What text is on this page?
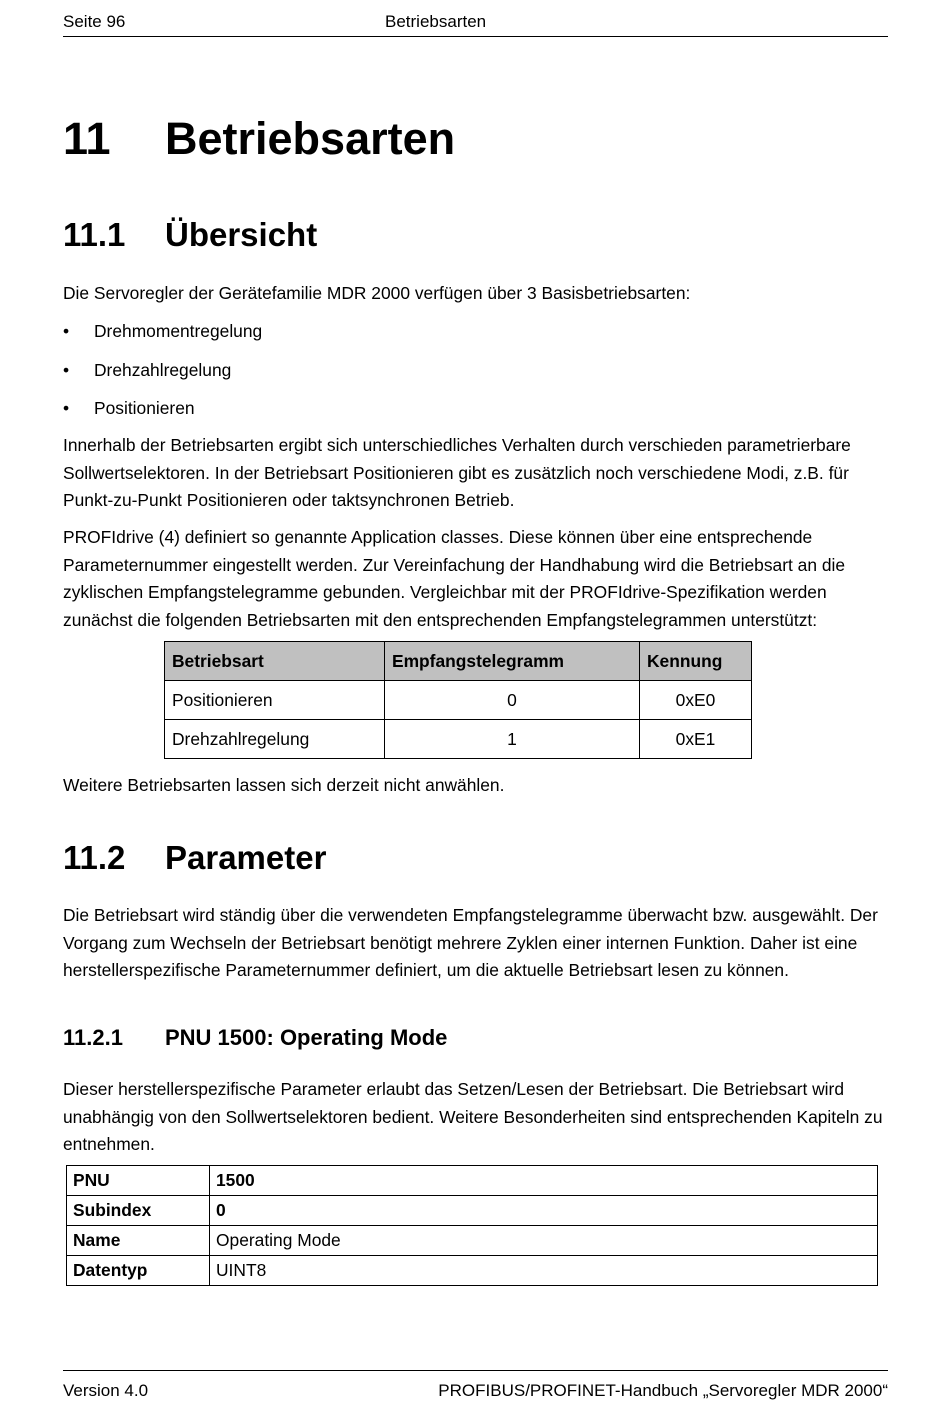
Seite 96	Betriebsarten
11 Betriebsarten
11.1 Übersicht

Die Servoregler der Gerätefamilie MDR 2000 verfügen über 3 Basisbetriebsarten:

• Drehmomentregelung
• Drehzahlregelung
• Positionieren

Innerhalb der Betriebsarten ergibt sich unterschiedliches Verhalten durch verschieden parametrierbare Sollwertselektoren. In der Betriebsart Positionieren gibt es zusätzlich noch verschiedene Modi, z.B. für Punkt-zu-Punkt Positionieren oder taktsynchronen Betrieb.

PROFIdrive (4) definiert so genannte Application classes. Diese können über eine entsprechende Parameternummer eingestellt werden. Zur Vereinfachung der Handhabung wird die Betriebsart an die zyklischen Empfangstelegramme gebunden. Vergleichbar mit der PROFIdrive-Spezifikation werden zunächst die folgenden Betriebsarten mit den entsprechenden Empfangstelegrammen unterstützt:

Betriebsart	Empfangstelegramm	Kennung
Positionieren	0	0xE0
Drehzahlregelung	1	0xE1

Weitere Betriebsarten lassen sich derzeit nicht anwählen.

11.2 Parameter

Die Betriebsart wird ständig über die verwendeten Empfangstelegramme überwacht bzw. ausgewählt. Der Vorgang zum Wechseln der Betriebsart benötigt mehrere Zyklen einer internen Funktion. Daher ist eine herstellerspezifische Parameternummer definiert, um die aktuelle Betriebsart lesen zu können.

11.2.1 PNU 1500: Operating Mode

Dieser herstellerspezifische Parameter erlaubt das Setzen/Lesen der Betriebsart. Die Betriebsart wird unabhängig von den Sollwertselektoren bedient. Weitere Besonderheiten sind entsprechenden Kapiteln zu entnehmen.

PNU	1500
Subindex	0
Name	Operating Mode
Datentyp	UINT8
Version 4.0	PROFIBUS/PROFINET-Handbuch „Servoregler MDR 2000“
